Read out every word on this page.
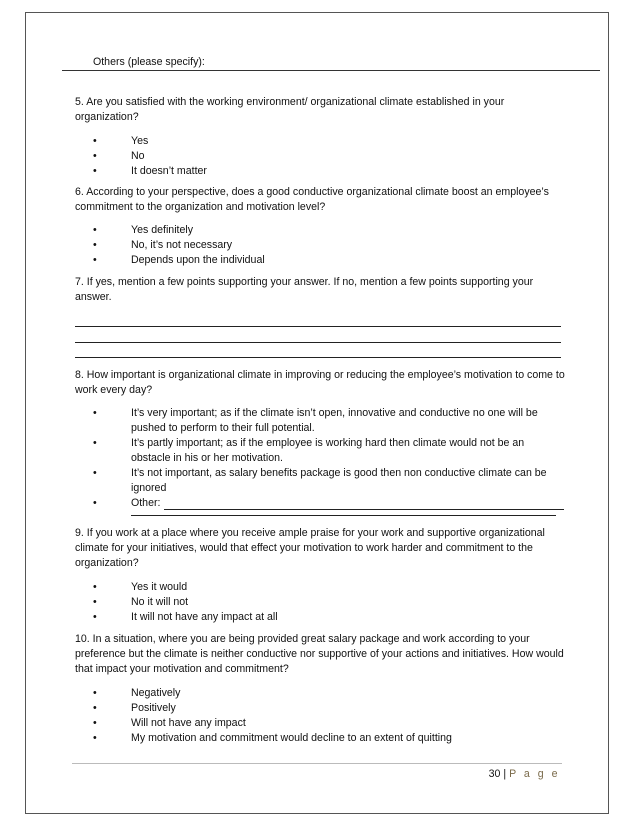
Others (please specify):
5. Are you satisfied with the working environment/ organizational climate established in your organization?
•	Yes
•	No
•	It doesn’t matter
6. According to your perspective, does a good conductive organizational climate boost an employee’s commitment to the organization and motivation level?
•	Yes definitely
•	No, it’s not necessary
•	Depends upon the individual
7. If yes, mention a few points supporting your answer. If no, mention a few points supporting your answer.
8. How important is organizational climate in improving or reducing the employee’s motivation to come to work every day?
•	It’s very important; as if the climate isn’t open, innovative and conductive no one will be pushed to perform to their full potential.
•	It’s partly important; as if the employee is working hard then climate would not be an obstacle in his or her motivation.
•	It’s not important, as salary benefits package is good then non conductive climate can be ignored
•	Other:
9. If you work at a place where you receive ample praise for your work and supportive organizational climate for your initiatives, would that effect your motivation to work harder and commitment to the organization?
•	Yes it would
•	No it will not
•	It will not have any impact at all
10. In a situation, where you are being provided great salary package and work according to your preference but the climate is neither conductive nor supportive of your actions and initiatives. How would that impact your motivation and commitment?
•	Negatively
•	Positively
•	Will not have any impact
•	My motivation and commitment would decline to an extent of quitting
30 | P a g e
